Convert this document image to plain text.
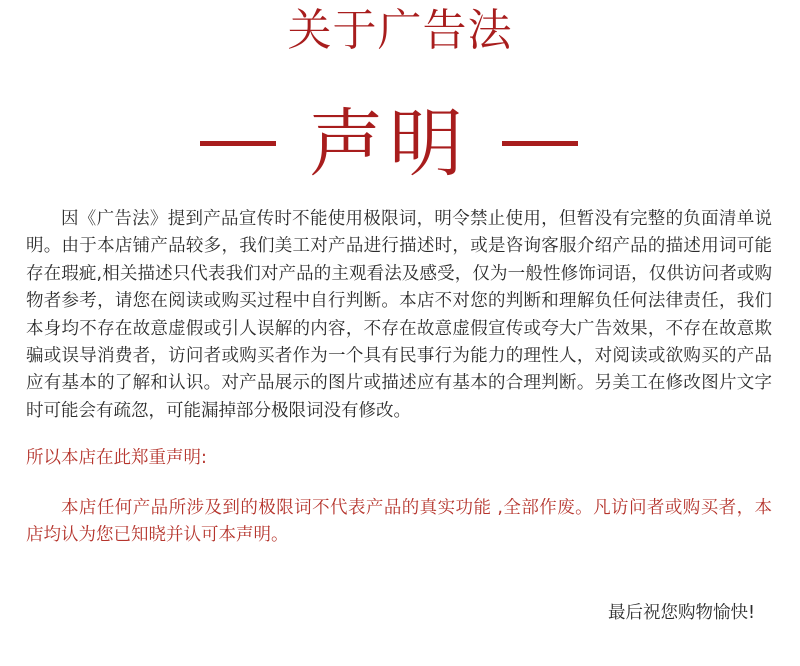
关于广告法
声明

因《广告法》提到产品宣传时不能使用极限词，明令禁止使用，但暂没有完整的负面清单说明。由于本店铺产品较多，我们美工对产品进行描述时，或是咨询客服介绍产品的描述用词可能存在瑕疵,相关描述只代表我们对产品的主观看法及感受，仅为一般性修饰词语，仅供访问者或购物者参考，请您在阅读或购买过程中自行判断。本店不对您的判断和理解负任何法律责任，我们本身均不存在故意虚假或引人误解的内容，不存在故意虚假宣传或夸大广告效果，不存在故意欺骗或误导消费者，访问者或购买者作为一个具有民事行为能力的理性人，对阅读或欲购买的产品应有基本的了解和认识。对产品展示的图片或描述应有基本的合理判断。另美工在修改图片文字时可能会有疏忽，可能漏掉部分极限词没有修改。

所以本店在此郑重声明:

本店任何产品所涉及到的极限词不代表产品的真实功能 ,全部作废。凡访问者或购买者，本店均认为您已知晓并认可本声明。

最后祝您购物愉快!
